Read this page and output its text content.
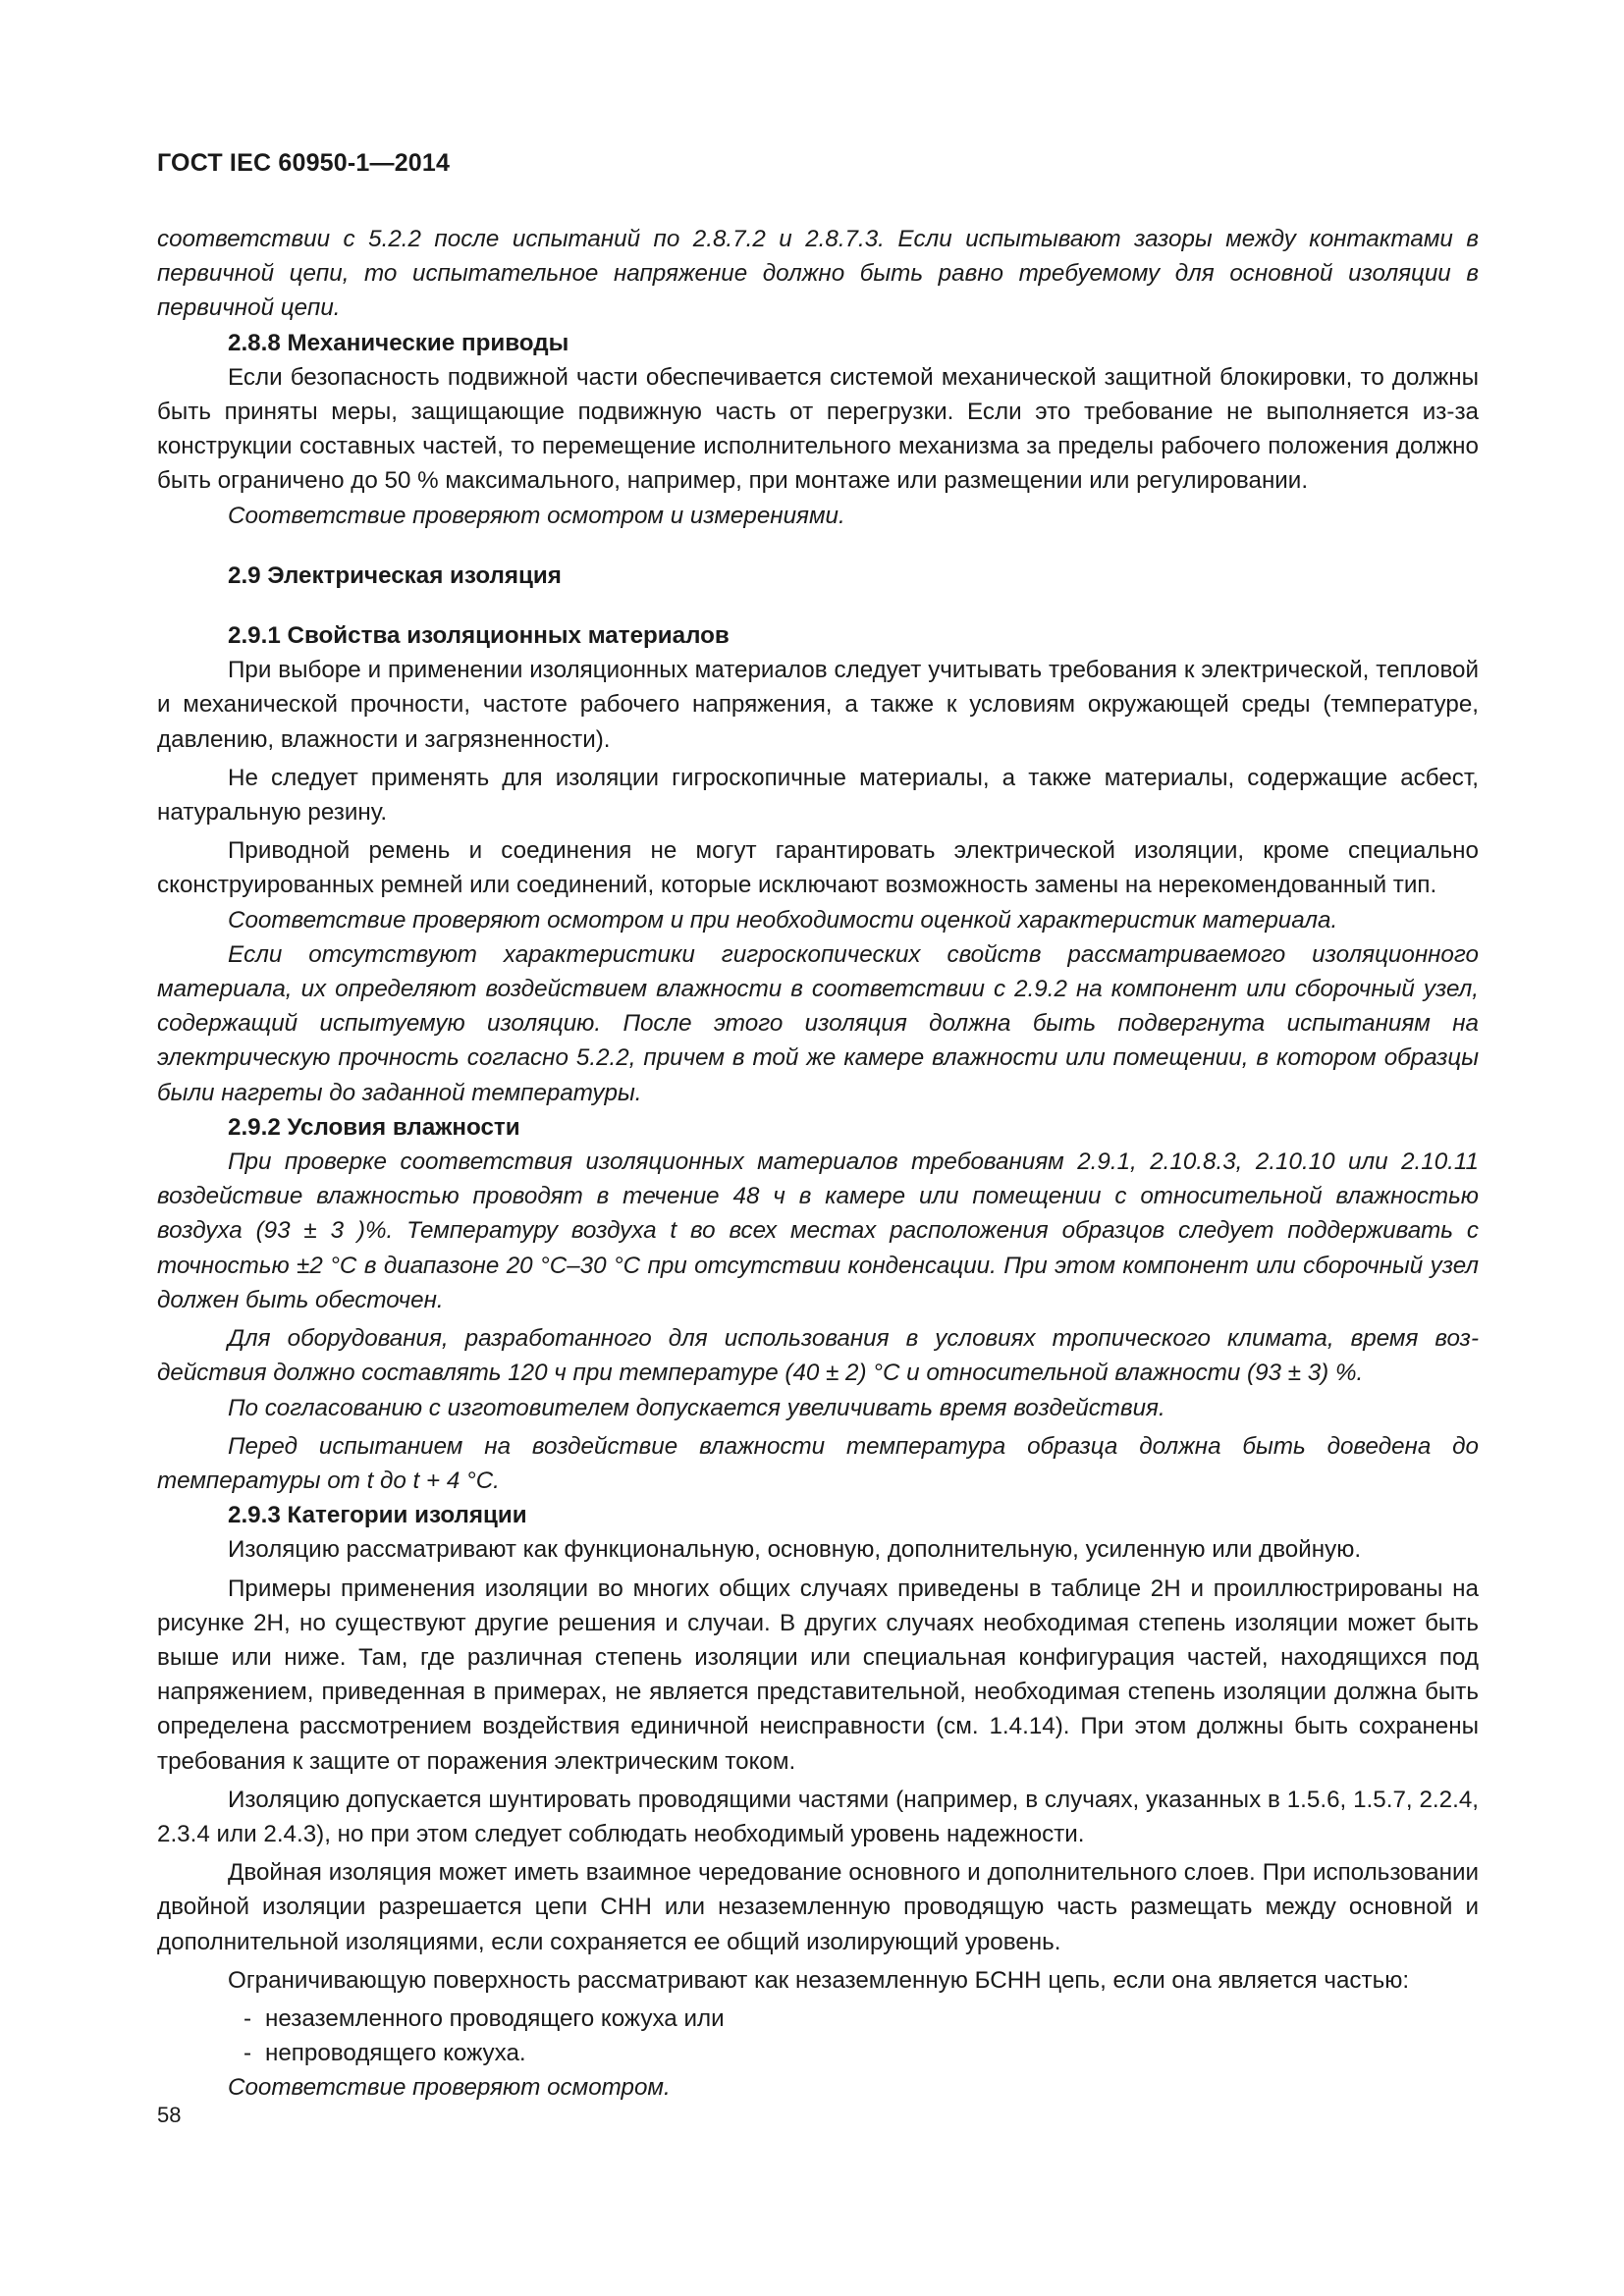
ГОСТ IEC 60950-1—2014

соответствии с 5.2.2 после испытаний по 2.8.7.2 и 2.8.7.3. Если испытывают зазоры между контактами в первичной цепи, то испытательное напряжение должно быть равно требуемому для основной изоляции в первичной цепи.

2.8.8 Механические приводы

Если безопасность подвижной части обеспечивается системой механической защитной блокировки, то должны быть приняты меры, защищающие подвижную часть от перегрузки. Если это требование не выполняется из-за конструкции составных частей, то перемещение исполнительного механизма за пределы рабочего положения должно быть ограничено до 50 % максимального, например, при монтаже или размещении или регулировании.

Соответствие проверяют осмотром и измерениями.

2.9 Электрическая изоляция
2.9.1 Свойства изоляционных материалов

При выборе и применении изоляционных материалов следует учитывать требования к электрической, тепловой и механической прочности, частоте рабочего напряжения, а также к условиям окружающей среды (температуре, давлению, влажности и загрязненности).

Не следует применять для изоляции гигроскопичные материалы, а также материалы, содержащие асбест, натуральную резину.

Приводной ремень и соединения не могут гарантировать электрической изоляции, кроме специально сконструированных ремней или соединений, которые исключают возможность замены на нерекомендованный тип.

Соответствие проверяют осмотром и при необходимости оценкой характеристик материала.

Если отсутствуют характеристики гигроскопических свойств рассматриваемого изоляционного материала, их определяют воздействием влажности в соответствии с 2.9.2 на компонент или сборочный узел, содержащий испытуемую изоляцию. После этого изоляция должна быть подвергнута испытаниям на электрическую прочность согласно 5.2.2, причем в той же камере влажности или помещении, в котором образцы были нагреты до заданной температуры.

2.9.2 Условия влажности

При проверке соответствия изоляционных материалов требованиям 2.9.1, 2.10.8.3, 2.10.10 или 2.10.11 воздействие влажностью проводят в течение 48 ч в камере или помещении с относительной влажностью воздуха (93 ± 3 )%. Температуру воздуха t во всех местах расположения образцов следует поддерживать с точностью ±2 °С в диапазоне 20 °С–30 °С при отсутствии конденсации. При этом компонент или сборочный узел должен быть обесточен.

Для оборудования, разработанного для использования в условиях тропического климата, время воздействия должно составлять 120 ч при температуре (40 ± 2) °С и относительной влажности (93 ± 3) %.

По согласованию с изготовителем допускается увеличивать время воздействия.

Перед испытанием на воздействие влажности температура образца должна быть доведена до температуры от t до t + 4 °С.

2.9.3 Категории изоляции

Изоляцию рассматривают как функциональную, основную, дополнительную, усиленную или двойную.

Примеры применения изоляции во многих общих случаях приведены в таблице 2Н и проиллюстрированы на рисунке 2Н, но существуют другие решения и случаи. В других случаях необходимая степень изоляции может быть выше или ниже. Там, где различная степень изоляции или специальная конфигурация частей, находящихся под напряжением, приведенная в примерах, не является представительной, необходимая степень изоляции должна быть определена рассмотрением воздействия единичной неисправности (см. 1.4.14). При этом должны быть сохранены требования к защите от поражения электрическим током.

Изоляцию допускается шунтировать проводящими частями (например, в случаях, указанных в 1.5.6, 1.5.7, 2.2.4, 2.3.4 или 2.4.3), но при этом следует соблюдать необходимый уровень надежности.

Двойная изоляция может иметь взаимное чередование основного и дополнительного слоев. При использовании двойной изоляции разрешается цепи СНН или незаземленную проводящую часть размещать между основной и дополнительной изоляциями, если сохраняется ее общий изолирующий уровень.

Ограничивающую поверхность рассматривают как незаземленную БСНН цепь, если она является частью:

- незаземленного проводящего кожуха или

- непроводящего кожуха.

Соответствие проверяют осмотром.

58
